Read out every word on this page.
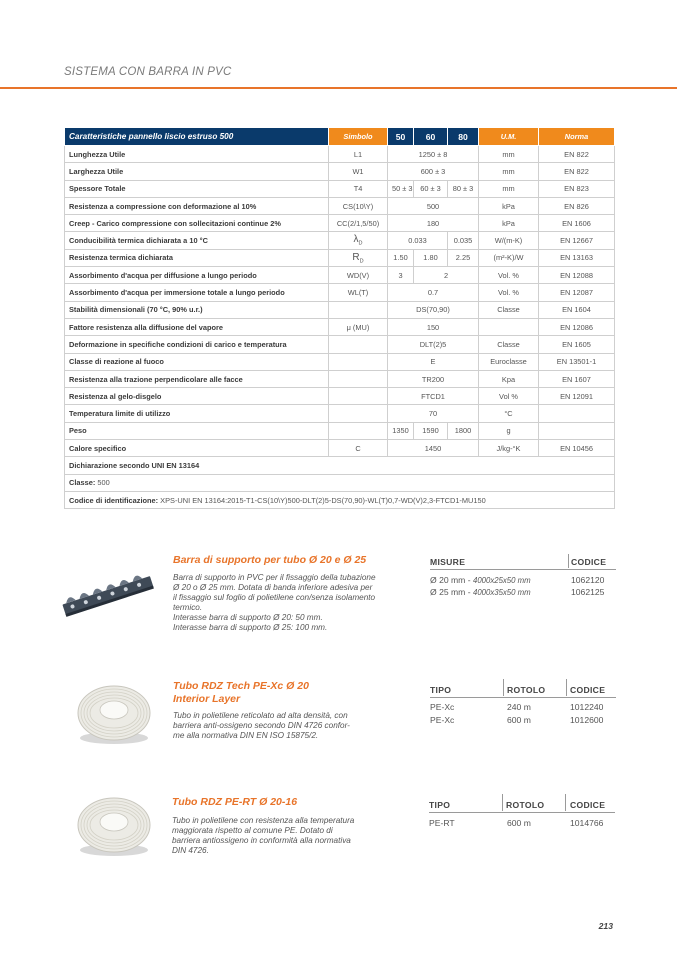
SISTEMA CON BARRA IN PVC
Caratteristiche pannello liscio estruso 500	Simbolo	50	60	80	U.M.	Norma
Lunghezza Utile	L1	1250 ± 8			mm	EN 822
Larghezza Utile	W1	600 ± 3			mm	EN 822
Spessore Totale	T4	50 ± 3	60 ± 3	80 ± 3	mm	EN 823
Resistenza a compressione con deformazione al 10%	CS(10\Y)	500			kPa	EN 826
Creep - Carico compressione con sollecitazioni continue 2%	CC(2/1,5/50)	180			kPa	EN 1606
Conducibilità termica dichiarata a 10 °C	$\lambda_D$	0.033		0.035	W/(m-K)	EN 12667
Resistenza termica dichiarata	$R_D$	1.50	1.80	2.25	(m²-K)/W	EN 13163
Assorbimento d'acqua per diffusione a lungo periodo	WD(V)	3	2		Vol. %	EN 12088
Assorbimento d'acqua per immersione totale a lungo periodo	WL(T)	0.7			Vol. %	EN 12087
Stabilità dimensionali (70 °C, 90% u.r.)		DS(70,90)			Classe	EN 1604
Fattore resistenza alla diffusione del vapore	μ (MU)	150				EN 12086
Deformazione in specifiche condizioni di carico e temperatura		DLT(2)5			Classe	EN 1605
Classe di reazione al fuoco		E			Euroclasse	EN 13501-1
Resistenza alla trazione perpendicolare alle facce		TR200			Kpa	EN 1607
Resistenza al gelo-disgelo		FTCD1			Vol %	EN 12091
Temperatura limite di utilizzo		70			°C	
Peso		1350	1590	1800	g	
Calore specifico	C	1450			J/kg-°K	EN 10456
Dichiarazione secondo UNI EN 13164						
Classe: 500						
Codice di identificazione: XPS-UNI EN 13164:2015-T1-CS(10\Y)500-DLT(2)5-DS(70,90)-WL(T)0,7-WD(V)2,3-FTCD1-MU150						
Barra di supporto per tubo Ø 20 e Ø 25
Barra di supporto in PVC per il fissaggio della tubazione
Ø 20 o Ø 25 mm. Dotata di banda inferiore adesiva per
il fissaggio sul foglio di polietilene con/senza isolamento
termico.
Interasse barra di supporto Ø 20: 50 mm.
Interasse barra di supporto Ø 25: 100 mm.
MISURE	CODICE
Ø 20 mm - 4000x25x50 mm	1062120
Ø 25 mm - 4000x35x50 mm	1062125
Tubo RDZ Tech PE-Xc Ø 20
Interior Layer
Tubo in polietilene reticolato ad alta densità, con
barriera anti-ossigeno secondo DIN 4726 confor-
me alla normativa DIN EN ISO 15875/2.
TIPO	ROTOLO	CODICE
PE-Xc	240 m	1012240
PE-Xc	600 m	1012600
Tubo RDZ PE-RT Ø 20-16
Tubo in polietilene con resistenza alla temperatura
maggiorata rispetto al comune PE. Dotato di
barriera antiossigeno in conformità alla normativa
DIN 4726.
TIPO	ROTOLO	CODICE
PE-RT	600 m	1014766
213
